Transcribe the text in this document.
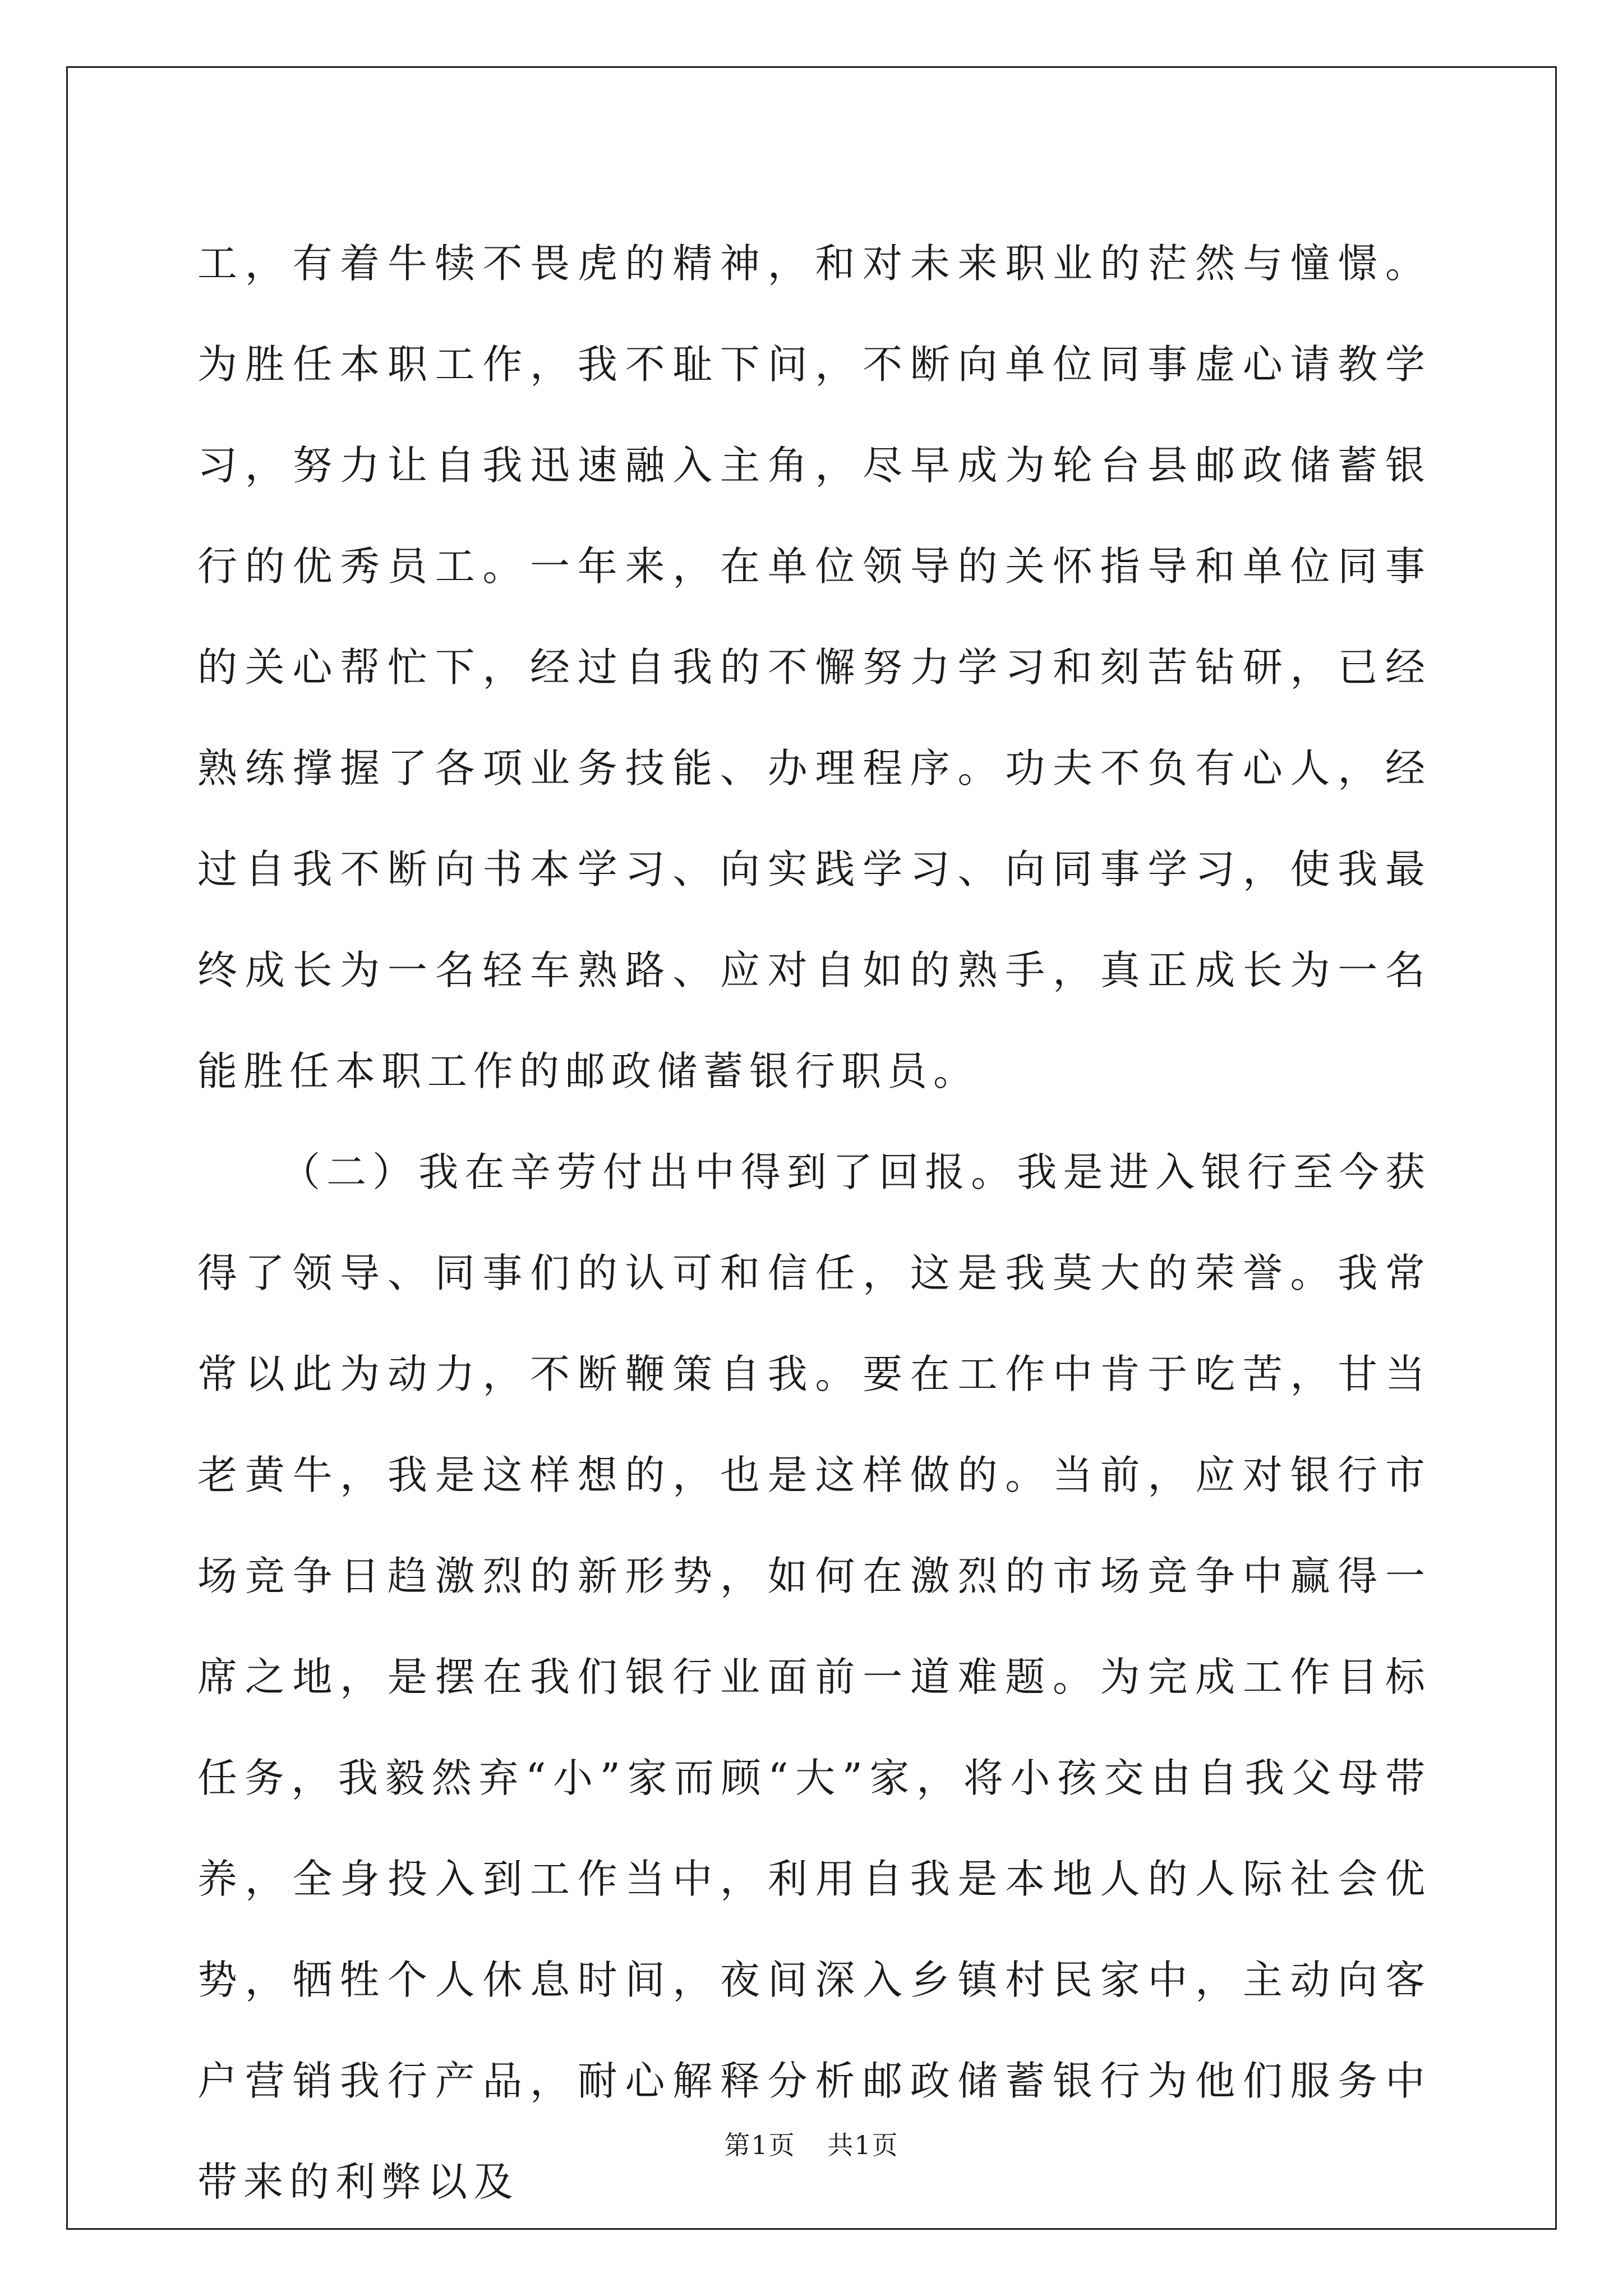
工，有着牛犊不畏虎的精神，和对未来职业的茫然与憧憬。为胜任本职工作，我不耻下问，不断向单位同事虚心请教学习，努力让自我迅速融入主角，尽早成为轮台县邮政储蓄银行的优秀员工。一年来，在单位领导的关怀指导和单位同事的关心帮忙下，经过自我的不懈努力学习和刻苦钻研，已经熟练撑握了各项业务技能、办理程序。功夫不负有心人，经过自我不断向书本学习、向实践学习、向同事学习，使我最终成长为一名轻车熟路、应对自如的熟手，真正成长为一名能胜任本职工作的邮政储蓄银行职员。

（二）我在辛劳付出中得到了回报。我是进入银行至今获得了领导、同事们的认可和信任，这是我莫大的荣誉。我常常以此为动力，不断鞭策自我。要在工作中肯于吃苦，甘当老黄牛，我是这样想的，也是这样做的。当前，应对银行市场竞争日趋激烈的新形势，如何在激烈的市场竞争中赢得一席之地，是摆在我们银行业面前一道难题。为完成工作目标任务，我毅然弃“小”家而顾“大”家，将小孩交由自我父母带养，全身投入到工作当中，利用自我是本地人的人际社会优势，牺牲个人休息时间，夜间深入乡镇村民家中，主动向客户营销我行产品，耐心解释分析邮政储蓄银行为他们服务中带来的利弊以及

第1页 共1页
